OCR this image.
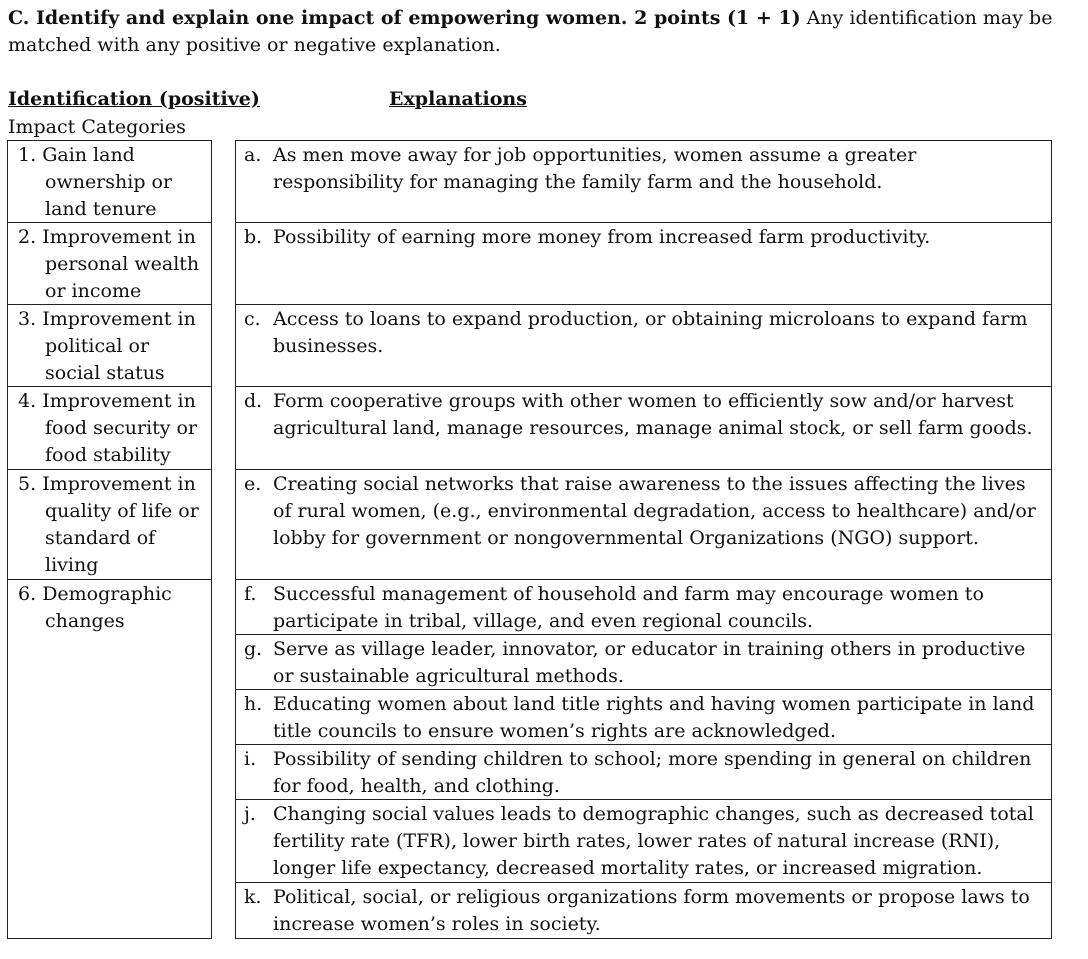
C. Identify and explain one impact of empowering women. 2 points (1 + 1) Any identification may be matched with any positive or negative explanation.
Identification (positive)	Explanations
Impact Categories
1. Gain land ownership or land tenure
2. Improvement in personal wealth or income
3. Improvement in political or social status
4. Improvement in food security or food stability
5. Improvement in quality of life or standard of living
6. Demographic changes
a. As men move away for job opportunities, women assume a greater responsibility for managing the family farm and the household.
b. Possibility of earning more money from increased farm productivity.
c. Access to loans to expand production, or obtaining microloans to expand farm businesses.
d. Form cooperative groups with other women to efficiently sow and/or harvest agricultural land, manage resources, manage animal stock, or sell farm goods.
e. Creating social networks that raise awareness to the issues affecting the lives of rural women, (e.g., environmental degradation, access to healthcare) and/or lobby for government or nongovernmental Organizations (NGO) support.
f. Successful management of household and farm may encourage women to participate in tribal, village, and even regional councils.
g. Serve as village leader, innovator, or educator in training others in productive or sustainable agricultural methods.
h. Educating women about land title rights and having women participate in land title councils to ensure women’s rights are acknowledged.
i. Possibility of sending children to school; more spending in general on children for food, health, and clothing.
j. Changing social values leads to demographic changes, such as decreased total fertility rate (TFR), lower birth rates, lower rates of natural increase (RNI), longer life expectancy, decreased mortality rates, or increased migration.
k. Political, social, or religious organizations form movements or propose laws to increase women’s roles in society.
